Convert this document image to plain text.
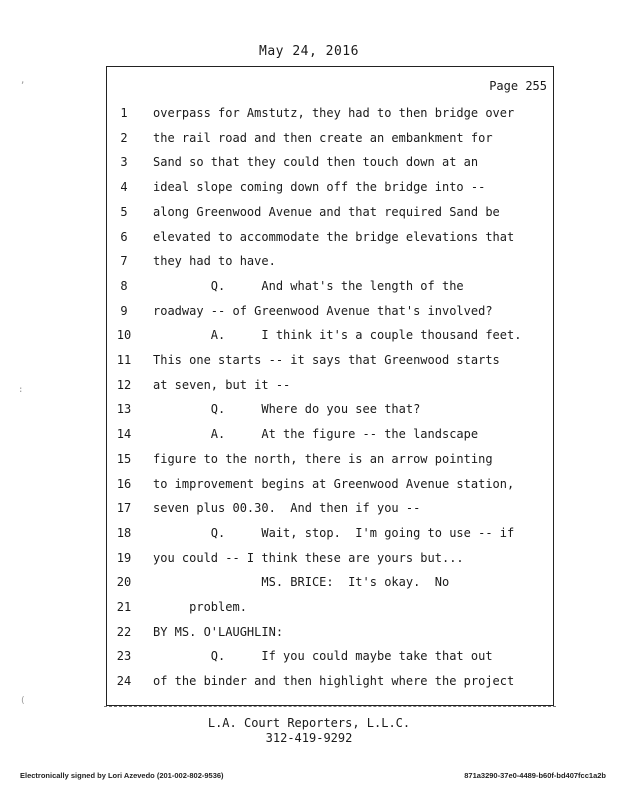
May 24, 2016
Page 255
1	overpass for Amstutz, they had to then bridge over
2	the rail road and then create an embankment for
3	Sand so that they could then touch down at an
4	ideal slope coming down off the bridge into --
5	along Greenwood Avenue and that required Sand be
6	elevated to accommodate the bridge elevations that
7	they had to have.
8	Q.     And what's the length of the
9	roadway -- of Greenwood Avenue that's involved?
10	A.     I think it's a couple thousand feet.
11	This one starts -- it says that Greenwood starts
12	at seven, but it --
13	Q.     Where do you see that?
14	A.     At the figure -- the landscape
15	figure to the north, there is an arrow pointing
16	to improvement begins at Greenwood Avenue station,
17	seven plus 00.30.  And then if you --
18	Q.     Wait, stop.  I'm going to use -- if
19	you could -- I think these are yours but...
20	MS. BRICE:  It's okay.  No
21	problem.
22	BY MS. O'LAUGHLIN:
23	Q.     If you could maybe take that out
24	of the binder and then highlight where the project
L.A. Court Reporters, L.L.C.
312-419-9292
Electronically signed by Lori Azevedo (201-002-802-9536)	871a3290-37e0-4489-b60f-bd407fcc1a2b
,
:
(
